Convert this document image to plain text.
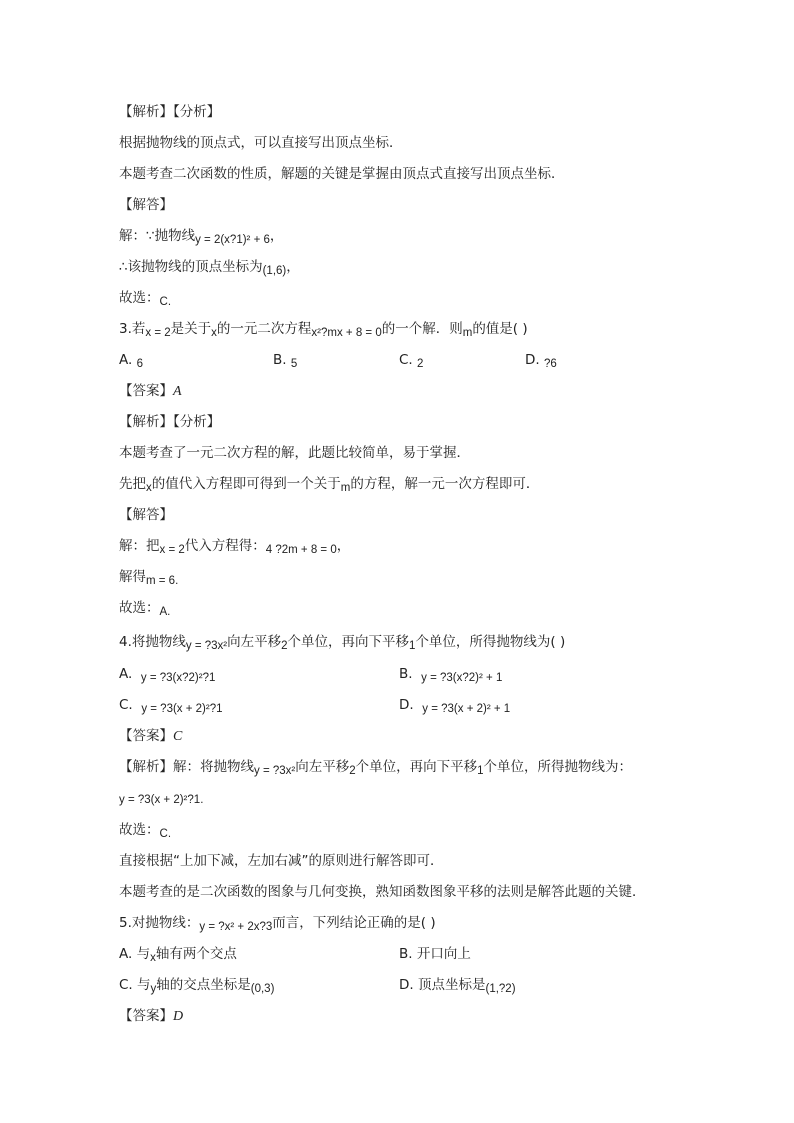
【解析】【分析】
根据抛物线的顶点式，可以直接写出顶点坐标．
本题考查二次函数的性质，解题的关键是掌握由顶点式直接写出顶点坐标．
【解答】
解：∵抛物线y = 2(x?1)² + 6，
∴该抛物线的顶点坐标为(1,6)，
故选：C.
3.若x = 2是关于x的一元二次方程x²?mx + 8 = 0的一个解．则m的值是( )
A. 6	B. 5	C. 2	D. ?6
【答案】A
【解析】【分析】
本题考查了一元二次方程的解，此题比较简单，易于掌握．
先把x的值代入方程即可得到一个关于m的方程，解一元一次方程即可．
【解答】
解：把x = 2代入方程得：4 ?2m + 8 = 0，
解得m = 6.
故选：A.
4.将抛物线y = ?3x²向左平移2个单位，再向下平移1个单位，所得抛物线为( )
A. y = ?3(x?2)²?1	B. y = ?3(x?2)² + 1
C. y = ?3(x + 2)²?1	D. y = ?3(x + 2)² + 1
【答案】C
【解析】解：将抛物线y = ?3x²向左平移2个单位，再向下平移1个单位，所得抛物线为：
y = ?3(x + 2)²?1.
故选：C.
直接根据“上加下减，左加右减”的原则进行解答即可．
本题考查的是二次函数的图象与几何变换，熟知函数图象平移的法则是解答此题的关键．
5.对抛物线：y = ?x² + 2x?3而言，下列结论正确的是( )
A. 与x轴有两个交点	B. 开口向上
C. 与y轴的交点坐标是(0,3)	D. 顶点坐标是(1,?2)
【答案】D
